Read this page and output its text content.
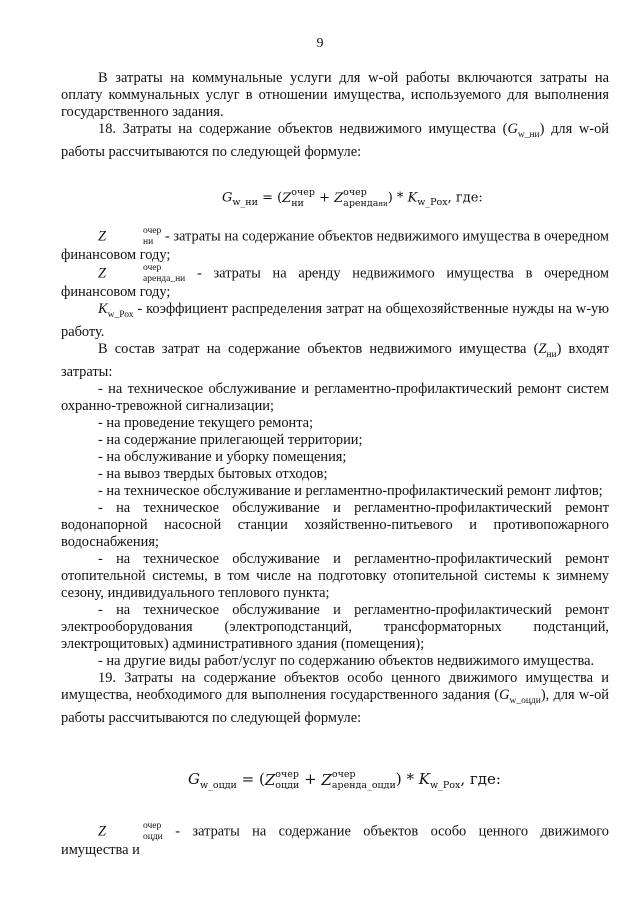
9

В затраты на коммунальные услуги для w-ой работы включаются затраты на оплату коммунальных услуг в отношении имущества, используемого для выполнения государственного задания.

18. Затраты на содержание объектов недвижимого имущества $(G_{w\_ни})$ для w-ой работы рассчитываются по следующей формуле:

$G_{w\_ни} = (Z$ очер
ни + Z очер
арендани ) * $K_{w\_Рох}$, где:

Z	очер
ни - затраты на содержание объектов недвижимого имущества в очередном финансовом году;

Z	очер
аренда_ни - затраты на аренду недвижимого имущества в очередном финансовом году;

$K_{w\_Рох}$ - коэффициент распределения затрат на общехозяйственные нужды на w-ую работу.

В состав затрат на содержание объектов недвижимого имущества $(Z_{ни})$ входят затраты:

- на техническое обслуживание и регламентно-профилактический ремонт систем охранно-тревожной сигнализации;

- на проведение текущего ремонта;

- на содержание прилегающей территории;

- на обслуживание и уборку помещения;

- на вывоз твердых бытовых отходов;

- на техническое обслуживание и регламентно-профилактический ремонт лифтов;

- на техническое обслуживание и регламентно-профилактический ремонт водонапорной насосной станции хозяйственно-питьевого и противопожарного водоснабжения;

- на техническое обслуживание и регламентно-профилактический ремонт отопительной системы, в том числе на подготовку отопительной системы к зимнему сезону, индивидуального теплового пункта;

- на техническое обслуживание и регламентно-профилактический ремонт электрооборудования (электроподстанций, трансформаторных подстанций, электрощитовых) административного здания (помещения);

- на другие виды работ/услуг по содержанию объектов недвижимого имущества.

19. Затраты на содержание объектов особо ценного движимого имущества и имущества, необходимого для выполнения государственного задания $(G_{w\_оцди})$, для w-ой работы рассчитываются по следующей формуле:

$G_{w\_оцди} = (Z$ очер
оцди + Z очер
аренда_оцди ) * $K_{w\_Рох}$, где:

Z	очер
оцди - затраты на содержание объектов особо ценного движимого имущества и
